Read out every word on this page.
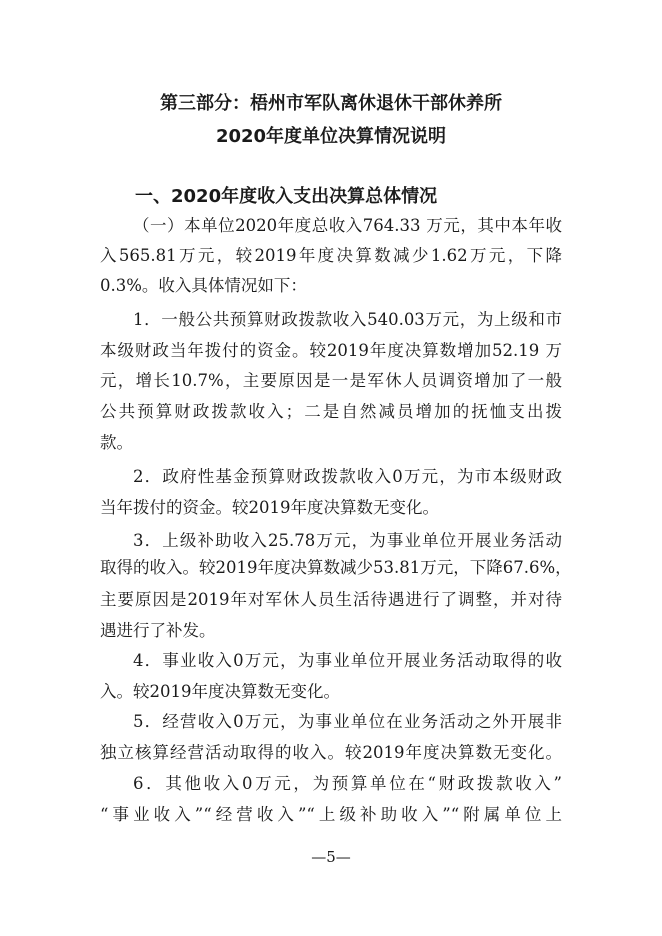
第三部分：梧州市军队离休退休干部休养所
2020年度单位决算情况说明
一、2020年度收入支出决算总体情况
（一）本单位2020年度总收入764.33 万元，其中本年收
入565.81万元，较2019年度决算数减少1.62万元，下降
0.3%。收入具体情况如下：
1．一般公共预算财政拨款收入540.03万元，为上级和市
本级财政当年拨付的资金。较2019年度决算数增加52.19 万
元，增长10.7%，主要原因是一是军休人员调资增加了一般
公共预算财政拨款收入；二是自然减员增加的抚恤支出拨
款。
2．政府性基金预算财政拨款收入0万元，为市本级财政
当年拨付的资金。较2019年度决算数无变化。
3．上级补助收入25.78万元，为事业单位开展业务活动
取得的收入。较2019年度决算数减少53.81万元，下降67.6%，
主要原因是2019年对军休人员生活待遇进行了调整，并对待
遇进行了补发。
4．事业收入0万元，为事业单位开展业务活动取得的收
入。较2019年度决算数无变化。
5．经营收入0万元，为事业单位在业务活动之外开展非
独立核算经营活动取得的收入。较2019年度决算数无变化。
6．其他收入0万元，为预算单位在“财政拨款收入”
“事业收入”“经营收入”“上级补助收入”“附属单位上
—5—
